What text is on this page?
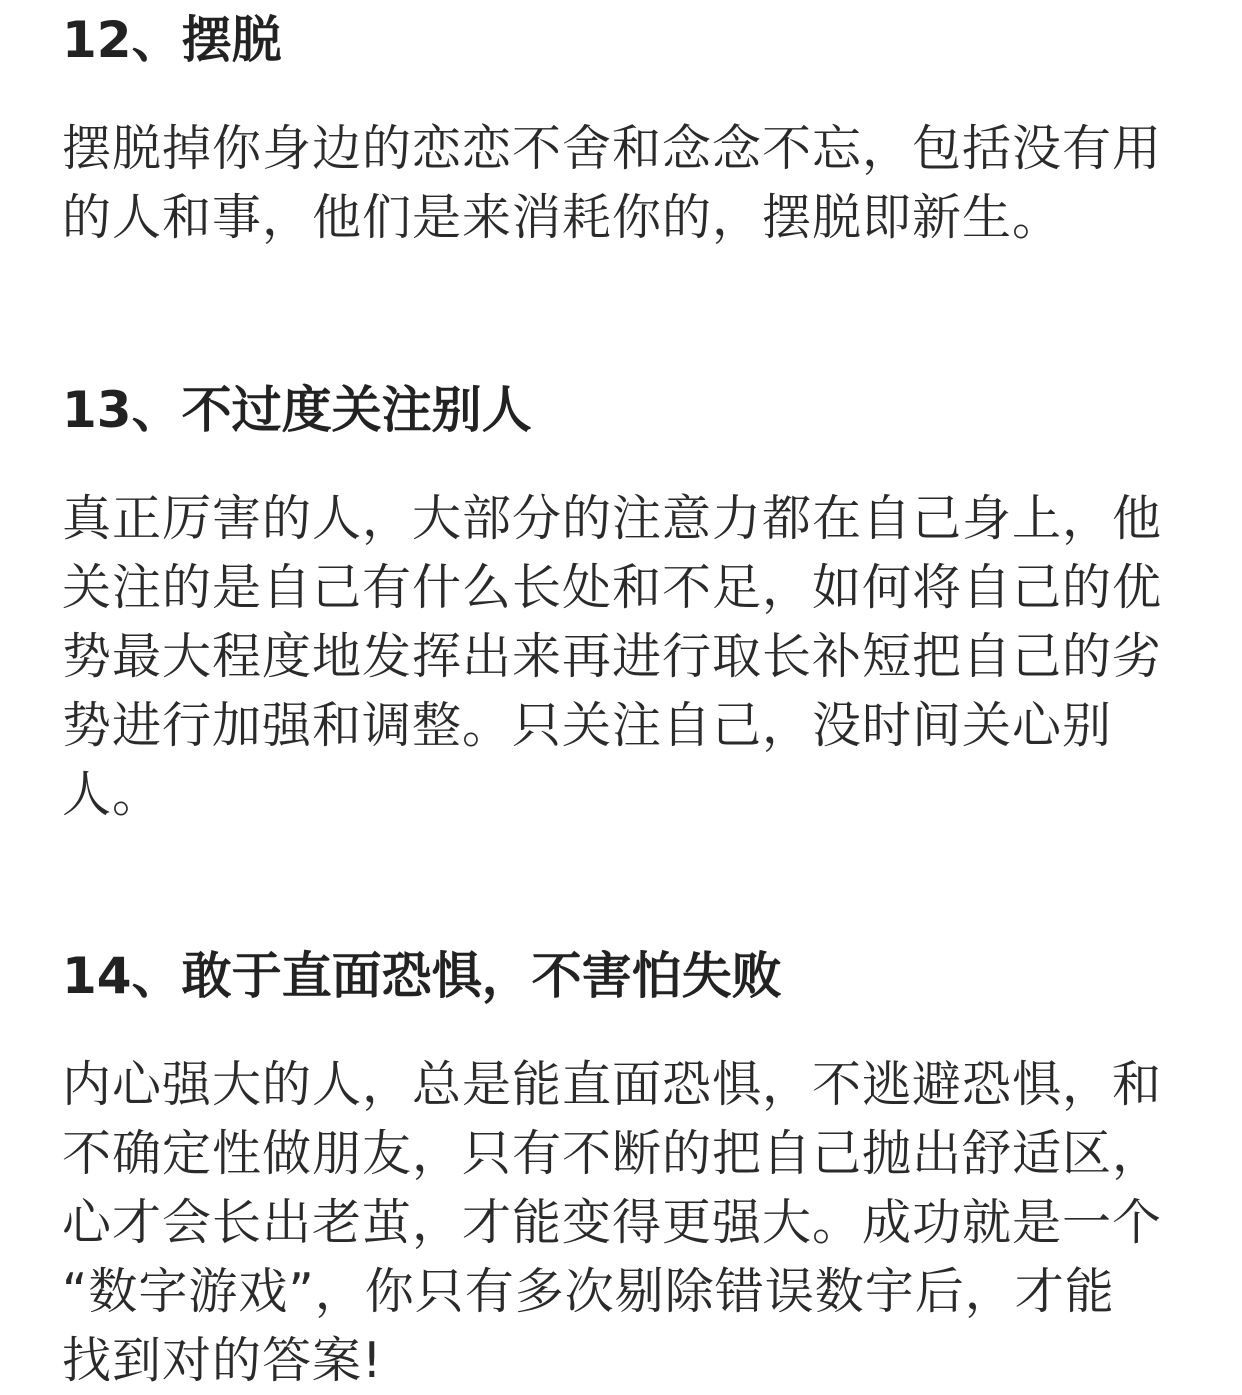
12、摆脱

摆脱掉你身边的恋恋不舍和念念不忘，包括没有用
的人和事，他们是来消耗你的，摆脱即新生。

13、不过度关注别人

真正厉害的人，大部分的注意力都在自己身上，他
关注的是自己有什么长处和不足，如何将自己的优
势最大程度地发挥出来再进行取长补短把自己的劣
势进行加强和调整。只关注自己，没时间关心别
人。

14、敢于直面恐惧，不害怕失败

内心强大的人，总是能直面恐惧，不逃避恐惧，和
不确定性做朋友，只有不断的把自己抛出舒适区，
心才会长出老茧，才能变得更强大。成功就是一个
“数字游戏”，你只有多次剔除错误数宇后，才能
找到对的答案!
